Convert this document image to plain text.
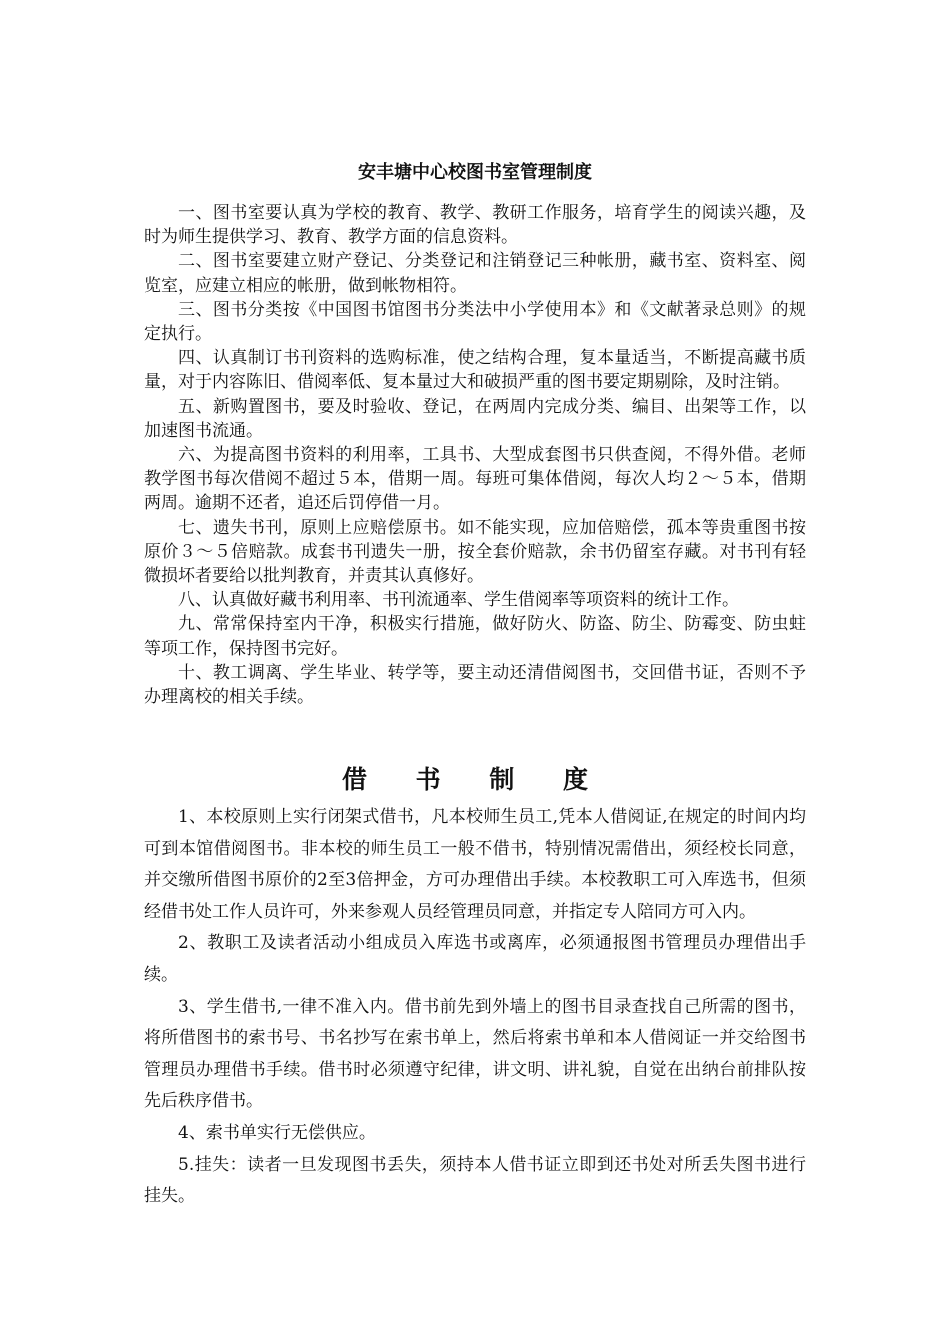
安丰塘中心校图书室管理制度

一、图书室要认真为学校的教育、教学、教研工作服务，培育学生的阅读兴趣，及时为师生提供学习、教育、教学方面的信息资料。

二、图书室要建立财产登记、分类登记和注销登记三种帐册，藏书室、资料室、阅览室，应建立相应的帐册，做到帐物相符。

三、图书分类按《中国图书馆图书分类法中小学使用本》和《文献著录总则》的规定执行。

四、认真制订书刊资料的选购标准，使之结构合理，复本量适当，不断提高藏书质量，对于内容陈旧、借阅率低、复本量过大和破损严重的图书要定期剔除，及时注销。

五、新购置图书，要及时验收、登记，在两周内完成分类、编目、出架等工作，以加速图书流通。

六、为提高图书资料的利用率，工具书、大型成套图书只供查阅，不得外借。老师教学图书每次借阅不超过５本，借期一周。每班可集体借阅，每次人均２～５本，借期两周。逾期不还者，追还后罚停借一月。

七、遗失书刊，原则上应赔偿原书。如不能实现，应加倍赔偿，孤本等贵重图书按原价３～５倍赔款。成套书刊遗失一册，按全套价赔款，余书仍留室存藏。对书刊有轻微损坏者要给以批判教育，并责其认真修好。

八、认真做好藏书利用率、书刊流通率、学生借阅率等项资料的统计工作。

九、常常保持室内干净，积极实行措施，做好防火、防盗、防尘、防霉变、防虫蛀等项工作，保持图书完好。

十、教工调离、学生毕业、转学等，要主动还清借阅图书，交回借书证，否则不予办理离校的相关手续。

借 书 制 度

1、本校原则上实行闭架式借书，凡本校师生员工,凭本人借阅证,在规定的时间内均可到本馆借阅图书。非本校的师生员工一般不借书，特别情况需借出，须经校长同意，并交缴所借图书原价的2至3倍押金，方可办理借出手续。本校教职工可入库选书，但须经借书处工作人员许可，外来参观人员经管理员同意，并指定专人陪同方可入内。

2、教职工及读者活动小组成员入库选书或离库，必须通报图书管理员办理借出手续。

3、学生借书,一律不准入内。借书前先到外墙上的图书目录查找自己所需的图书，将所借图书的索书号、书名抄写在索书单上，然后将索书单和本人借阅证一并交给图书管理员办理借书手续。借书时必须遵守纪律，讲文明、讲礼貌，自觉在出纳台前排队按先后秩序借书。

4、索书单实行无偿供应。

5.挂失：读者一旦发现图书丢失，须持本人借书证立即到还书处对所丢失图书进行挂失。
